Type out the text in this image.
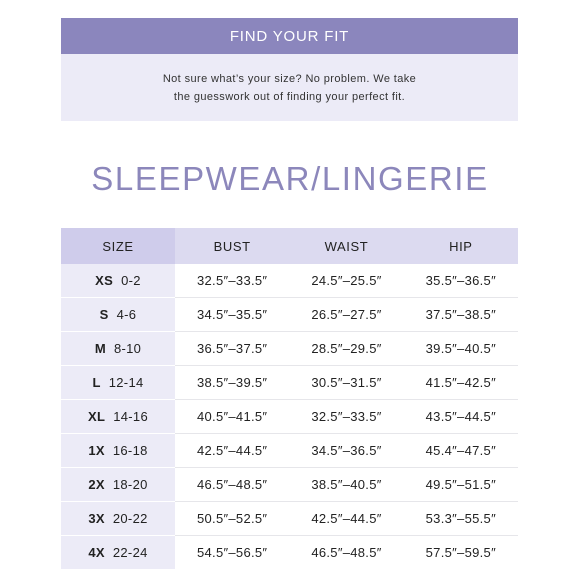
FIND YOUR FIT
Not sure what’s your size? No problem. We take
the guesswork out of finding your perfect fit.
SLEEPWEAR/LINGERIE
SIZE	BUST	WAIST	HIP
XS 0-2	32.5″–33.5″	24.5″–25.5″	35.5″–36.5″
S 4-6	34.5″–35.5″	26.5″–27.5″	37.5″–38.5″
M 8-10	36.5″–37.5″	28.5″–29.5″	39.5″–40.5″
L 12-14	38.5″–39.5″	30.5″–31.5″	41.5″–42.5″
XL 14-16	40.5″–41.5″	32.5″–33.5″	43.5″–44.5″
1X 16-18	42.5″–44.5″	34.5″–36.5″	45.4″–47.5″
2X 18-20	46.5″–48.5″	38.5″–40.5″	49.5″–51.5″
3X 20-22	50.5″–52.5″	42.5″–44.5″	53.3″–55.5″
4X 22-24	54.5″–56.5″	46.5″–48.5″	57.5″–59.5″
